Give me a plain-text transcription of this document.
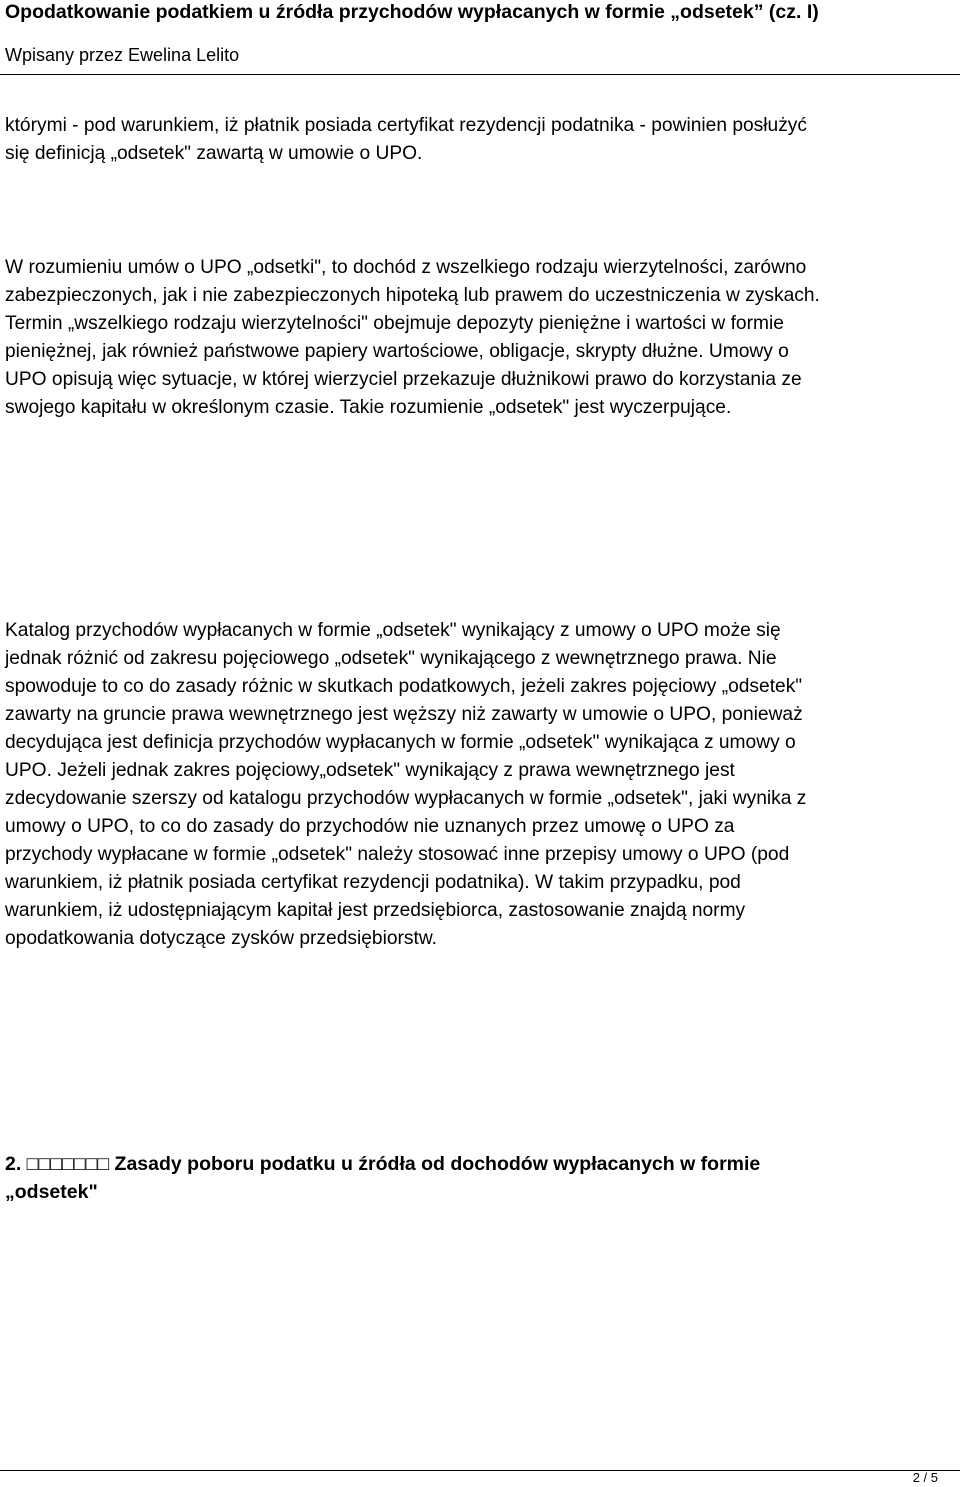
Opodatkowanie podatkiem u źródła przychodów wypłacanych w formie „odsetek” (cz. I)
Wpisany przez Ewelina Lelito
którymi - pod warunkiem, iż płatnik posiada certyfikat rezydencji podatnika - powinien posłużyć
się definicją „odsetek" zawartą w umowie o UPO.
W rozumieniu umów o UPO „odsetki", to dochód z wszelkiego rodzaju wierzytelności, zarówno
zabezpieczonych, jak i nie zabezpieczonych hipoteką lub prawem do uczestniczenia w zyskach.
Termin „wszelkiego rodzaju wierzytelności" obejmuje depozyty pieniężne i wartości w formie
pieniężnej, jak również państwowe papiery wartościowe, obligacje, skrypty dłużne. Umowy o
UPO opisują więc sytuacje, w której wierzyciel przekazuje dłużnikowi prawo do korzystania ze
swojego kapitału w określonym czasie. Takie rozumienie „odsetek" jest wyczerpujące.
Katalog przychodów wypłacanych w formie „odsetek" wynikający z umowy o UPO może się
jednak różnić od zakresu pojęciowego „odsetek" wynikającego z wewnętrznego prawa. Nie
spowoduje to co do zasady różnic w skutkach podatkowych, jeżeli zakres pojęciowy „odsetek"
zawarty na gruncie prawa wewnętrznego jest węższy niż zawarty w umowie o UPO, ponieważ
decydująca jest definicja przychodów wypłacanych w formie „odsetek" wynikająca z umowy o
UPO. Jeżeli jednak zakres pojęciowy„odsetek" wynikający z prawa wewnętrznego jest
zdecydowanie szerszy od katalogu przychodów wypłacanych w formie „odsetek", jaki wynika z
umowy o UPO, to co do zasady do przychodów nie uznanych przez umowę o UPO za
przychody wypłacane w formie „odsetek" należy stosować inne przepisy umowy o UPO (pod
warunkiem, iż płatnik posiada certyfikat rezydencji podatnika). W takim przypadku, pod
warunkiem, iż udostępniającym kapitał jest przedsiębiorca, zastosowanie znajdą normy
opodatkowania dotyczące zysków przedsiębiorstw.
2. □□□□□□□ Zasady poboru podatku u źródła od dochodów wypłacanych w formie
„odsetek"
2 / 5
